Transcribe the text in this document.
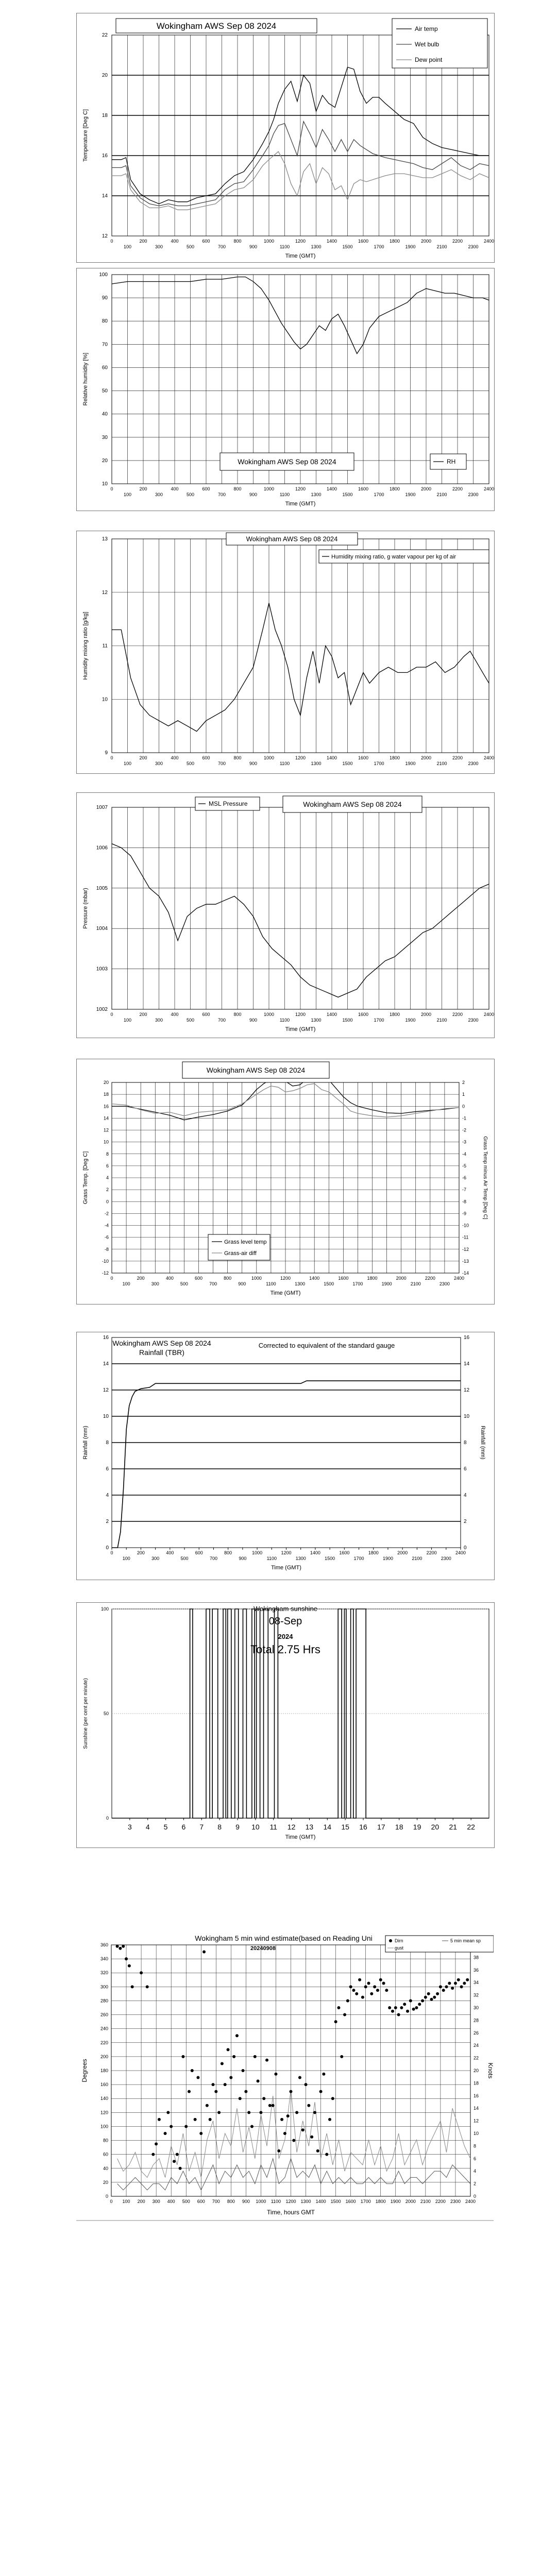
0
100
200
300
400
500
600
700
800
900
1000
1100
1200
1300
1400
1500
1600
1700
1800
1900
2000
2100
2200
2300
2400
12
14
16
18
20
22
Wokingham AWS Sep 08 2024
Temperature [Deg C]
Time (GMT)
Air temp
Wet bulb
Dew point
0
100
200
300
400
500
600
700
800
900
1000
1100
1200
1300
1400
1500
1600
1700
1800
1900
2000
2100
2200
2300
2400
10
20
30
40
50
60
70
80
90
100
Wokingham AWS Sep 08 2024	RH
Relative humidity [%]
Time (GMT)
0
100
200
300
400
500
600
700
800
900
1000
1100
1200
1300
1400
1500
1600
1700
1800
1900
2000
2100
2200
2300
2400
9
10
11
12
13	Wokingham AWS Sep 08 2024
Humidity mixing ratio, g water vapour per kg of air
Humidity mixing ratio [g/kg]
0
100
200
300
400
500
600
700
800
900
1000
1100
1200
1300
1400
1500
1600
1700
1800
1900
2000
2100
2200
2300
2400
1002
1003
1004
1005
1006
1007
MSL Pressure	Wokingham AWS Sep 08 2024
Pressure (mbar)
Time (GMT)
0
100
200
300
400
500
600
700
800
900
1000
1100
1200
1300
1400
1500
1600
1700
1800
1900
2000
2100
2200
2300
2400
-12
-10
-8
-6
-4
-2
0
2
4
6
8
10
12
14
16
18
20
-14
-13
-12
-11
-10
-9
-8
-7
-6
-5
-4
-3
-2
-1
0
1
2
Wokingham AWS Sep 08 2024
Grass level temp
Grass-air diff
Grass Temp. [Deg C]	Grass Temp minus Air Temp [Deg C]
Time (GMT)
0
100
200
300
400
500
600
700
800
900
1000
1100
1200
1300
1400
1500
1600
1700
1800
1900
2000
2100
2200
2300
2400
0
2
4
6
8
10
12
14
16
0
2
4
6
8
10
12
14
16
Wokingham AWS Sep 08 2024
Rainfall (TBR)
Corrected to equivalent of the standard gauge
Rainfall (mm)	Rainfall (mm)
Time (GMT)
3 4 5 6 7 8 9 10 11 12 13 14 15 16 17 18 19 20 21 22
0
50
100	Wokingham sunshine
08-Sep
2024
Total 2.75 Hrs
Sunshine (per cent per minute)
Time (GMT)
0 100 200 300 400 500 600 700 800 900 1000 1100 1200 1300 1400 1500 1600 1700 1800 1900 2000 2100 2200 2300 2400
0
20
40
60
80
100
120
140
160
180
200
220
240
260
280
300
320
340
360
0
2
4
6
8
10
12
14
16
18
20
22
24
26
28
30
32
34
36
38
Wokingham 5 min wind estimate(based on Reading Uni
20240908
Dirn
gust
5 min mean sp
Degrees	Knots
Time, hours GMT
